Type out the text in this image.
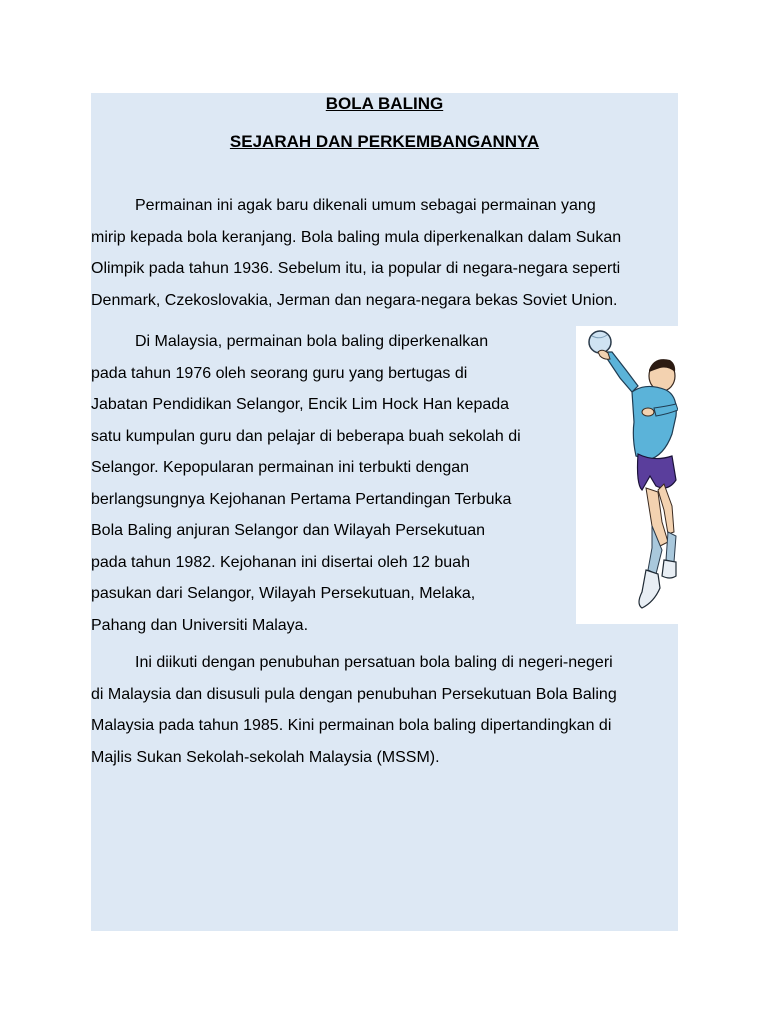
BOLA BALING
SEJARAH DAN PERKEMBANGANNYA

Permainan ini agak baru dikenali umum sebagai permainan yang
mirip kepada bola keranjang. Bola baling mula diperkenalkan dalam Sukan
Olimpik pada tahun 1936. Sebelum itu, ia popular di negara-negara seperti
Denmark, Czekoslovakia, Jerman dan negara-negara bekas Soviet Union.

Di Malaysia, permainan bola baling diperkenalkan
pada tahun 1976 oleh seorang guru yang bertugas di
Jabatan Pendidikan Selangor, Encik Lim Hock Han kepada
satu kumpulan guru dan pelajar di beberapa buah sekolah di
Selangor. Kepopularan permainan ini terbukti dengan
berlangsungnya Kejohanan Pertama Pertandingan Terbuka
Bola Baling anjuran Selangor dan Wilayah Persekutuan
pada tahun 1982. Kejohanan ini disertai oleh 12 buah
pasukan dari Selangor, Wilayah Persekutuan, Melaka,
Pahang dan Universiti Malaya.

Ini diikuti dengan penubuhan persatuan bola baling di negeri-negeri
di Malaysia dan disusuli pula dengan penubuhan Persekutuan Bola Baling
Malaysia pada tahun 1985. Kini permainan bola baling dipertandingkan di
Majlis Sukan Sekolah-sekolah Malaysia (MSSM).
